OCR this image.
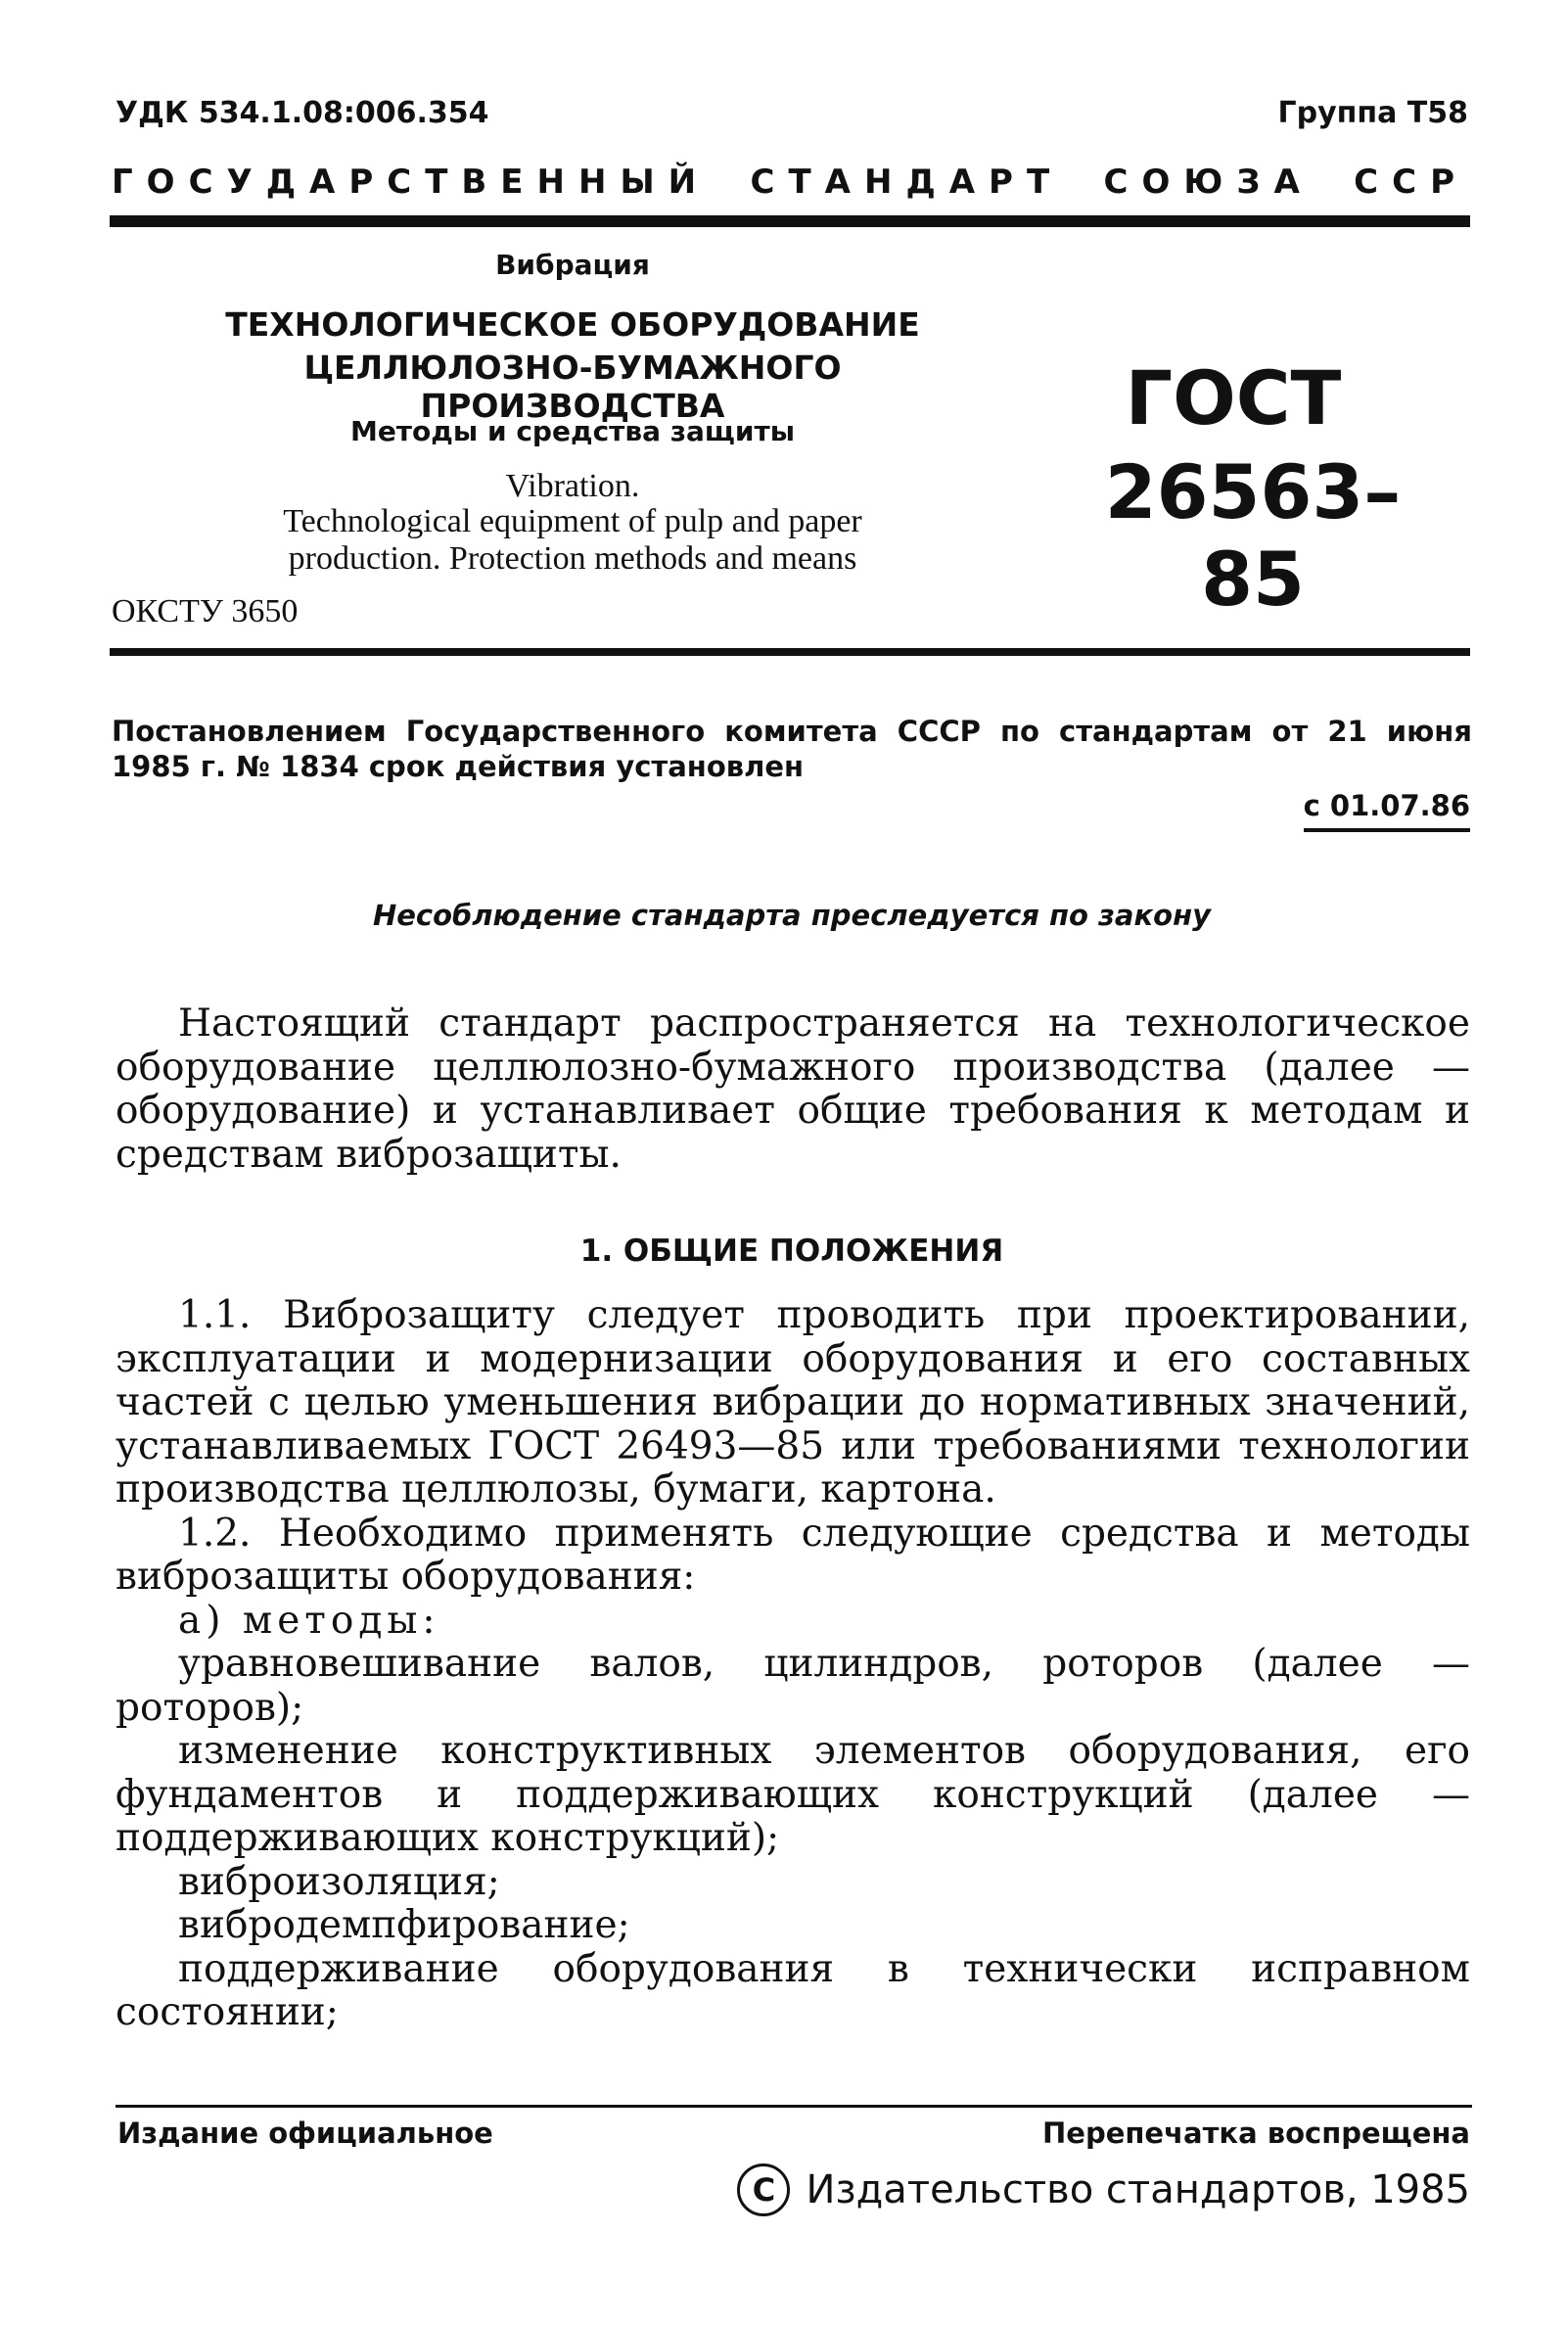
УДК 534.1.08:006.354	Группа Т58
ГОСУДАРСТВЕННЫЙ СТАНДАРТ СОЮЗА ССР
Вибрация
ТЕХНОЛОГИЧЕСКОЕ ОБОРУДОВАНИЕ
ЦЕЛЛЮЛОЗНО-БУМАЖНОГО ПРОИЗВОДСТВА
Методы и средства защиты
Vibration.
Technological equipment of pulp and paper
production. Protection methods and means
ОКСТУ 3650
ГОСТ
26563–85
Постановлением Государственного комитета СССР по стандартам от 21 июня
1985 г. № 1834 срок действия установлен
с 01.07.86
Несоблюдение стандарта преследуется по закону

Настоящий стандарт распространяется на технологическое оборудование целлюлозно-бумажного производства (далее — оборудование) и устанавливает общие требования к методам и средствам виброзащиты.

1. ОБЩИЕ ПОЛОЖЕНИЯ

1.1. Виброзащиту следует проводить при проектировании, эксплуатации и модернизации оборудования и его составных частей с целью уменьшения вибрации до нормативных значений, устанавливаемых ГОСТ 26493—85 или требованиями технологии производства целлюлозы, бумаги, картона.

1.2. Необходимо применять следующие средства и методы виброзащиты оборудования:

а) методы:

уравновешивание валов, цилиндров, роторов (далее — роторов);

изменение конструктивных элементов оборудования, его фундаментов и поддерживающих конструкций (далее — поддерживающих конструкций);

виброизоляция;

вибродемпфирование;

поддерживание оборудования в технически исправном состоянии;

Издание официальное	Перепечатка воспрещена
C Издательство стандартов, 1985
